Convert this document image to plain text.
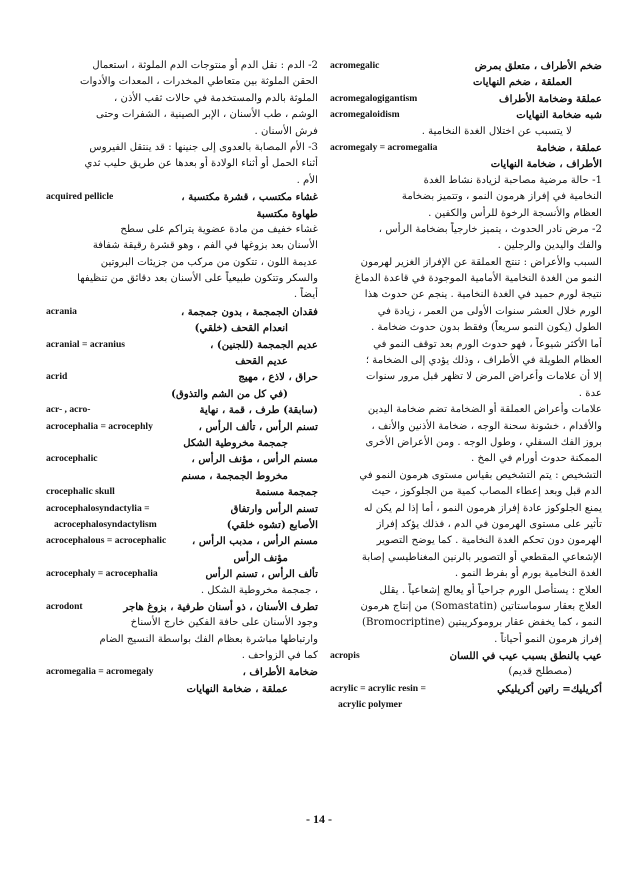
2- الدم : نقل الدم أو منتوجات الدم الملوثة ، استعمال
الحقن الملوثة بين متعاطي المخدرات ، المعدات والأدوات
الملوثة بالدم والمستخدمة في حالات ثقب الأذن ،
الوشم ، طب الأسنان ، الإبر الصينية ، الشفرات وحتى
فرش الأسنان .
3- الأم المصابة بالعدوى إلى جنينها : قد ينتقل الفيروس
أثناء الحمل أو أثناء الولادة أو بعدها عن طريق حليب ثدي
الأم .
acquired pellicle	غشاء مكتسب ، قشرة مكتسبة ،
طهاوة مكتسبة
غشاء خفيف من مادة عضوية يتراكم على سطح
الأسنان بعد بزوغها في الفم ، وهو قشرة رقيقة شفافة
عديمة اللون ، تتكون من مركب من جزيئات البروتين
والسكر وتتكون طبيعياً على الأسنان بعد دقائق من تنظيفها
أيضاً .
acrania	فقدان الجمجمة ، بدون جمجمة ،
انعدام القحف (خلقي)
acranial = acranius	عديم الجمجمة (للجنين) ،
عديم القحف
acrid	حراق ، لاذع ، مهيج
(في كل من الشم والتذوق)
acr- , acro-	(سابقة) طرف ، قمة ، نهاية
acrocephalia = acrocephly	تسنم الرأس ، تألف الرأس ،
جمجمة مخروطية الشكل
acrocephalic	مسنم الرأس ، مؤنف الرأس ،
مخروط الجمجمة ، مسنم
crocephalic skull	جمجمة مسنمة
acrocephalosyndactylia =	تسنم الرأس وارتفاق
acrocephalosyndactylism	الأصابع (تشوه خلقي)
acrocephalous = acrocephalic	مسنم الرأس ، مدبب الرأس ،
مؤنف الرأس
acrocephaly = acrocephalia	تألف الرأس ، تسنم الرأس
، جمجمة مخروطية الشكل .
acrodont	تطرف الأسنان ، ذو أسنان طرفية ، بزوغ هاجر
وجود الأسنان على حافة الفكين خارج الأسناخ
وارتباطها مباشرة بعظام الفك بواسطة النسيج الضام
كما في الزواحف .
acromegalia = acromegaly	ضخامة الأطراف ،
عملقة ، ضخامة النهايات
acromegalic	ضخم الأطراف ، متعلق بمرض
العملقة ، ضخم النهايات
acromegalogigantism	عملقة وضخامة الأطراف
acromegaloidism	شبه ضخامة النهايات
لا يتسبب عن اختلال الغدة النخامية .
acromegaly = acromegalia	عملقة ، ضخامة
الأطراف ، ضخامة النهايات
1- حالة مرضية مصاحبة لزيادة نشاط الغدة
النخامية في إفراز هرمون النمو ، وتتميز بضخامة
العظام والأنسجة الرخوة للرأس والكفين .
2- مرض نادر الحدوث ، يتميز خارجياً بضخامة الرأس ،
والفك واليدين والرجلين .
السبب والأعراض : تنتج العملقة عن الإفراز الغزير لهرمون
النمو من الغدة النخامية الأمامية الموجودة في قاعدة الدماغ
نتيجة لورم حميد في الغدة النخامية . ينجم عن حدوث هذا
الورم خلال العشر سنوات الأولى من العمر ، زيادة في
الطول (يكون النمو سريعاً) وفقط بدون حدوث ضخامة .
أما الأكثر شيوعاً ، فهو حدوث الورم بعد توقف النمو في
العظام الطويلة في الأطراف ، وذلك يؤدي إلى الضخامة ؛
إلا أن علامات وأعراض المرض لا تظهر قبل مرور سنوات
عدة .
علامات وأعراض العملقة أو الضخامة تضم ضخامة اليدين
والأقدام ، خشونة سحنة الوجه ، ضخامة الأذنين والأنف ،
بروز الفك السفلي ، وطول الوجه . ومن الأعراض الأخرى
الممكنة حدوث أورام في المخ .
التشخيص : يتم التشخيص بقياس مستوى هرمون النمو في
الدم قبل وبعد إعطاء المصاب كمية من الجلوكوز ، حيث
يمنع الجلوكوز عادة إفراز هرمون النمو ، أما إذا لم يكن له
تأثير على مستوى الهرمون في الدم ، فذلك يؤكد إفراز
الهرمون دون تحكم الغدة النخامية . كما يوضح التصوير
الإشعاعي المقطعي أو التصوير بالرنين المغناطيسي إصابة
الغدة النخامية بورم أو بفرط النمو .
العلاج : يستأصل الورم جراحياً أو يعالج إشعاعياً . يقلل
العلاج بعقار سوماستاتين (Somastatin) من إنتاج هرمون
النمو ، كما يخفض عقار بروموكريبتين (Bromocriptine)
إفراز هرمون النمو أحياناً .
acropis	عيب بالنطق بسبب عيب في اللسان
(مصطلح قديم)
acrylic = acrylic resin =	أكريليك= راتين أكريليكي
acrylic polymer
- 14 -
